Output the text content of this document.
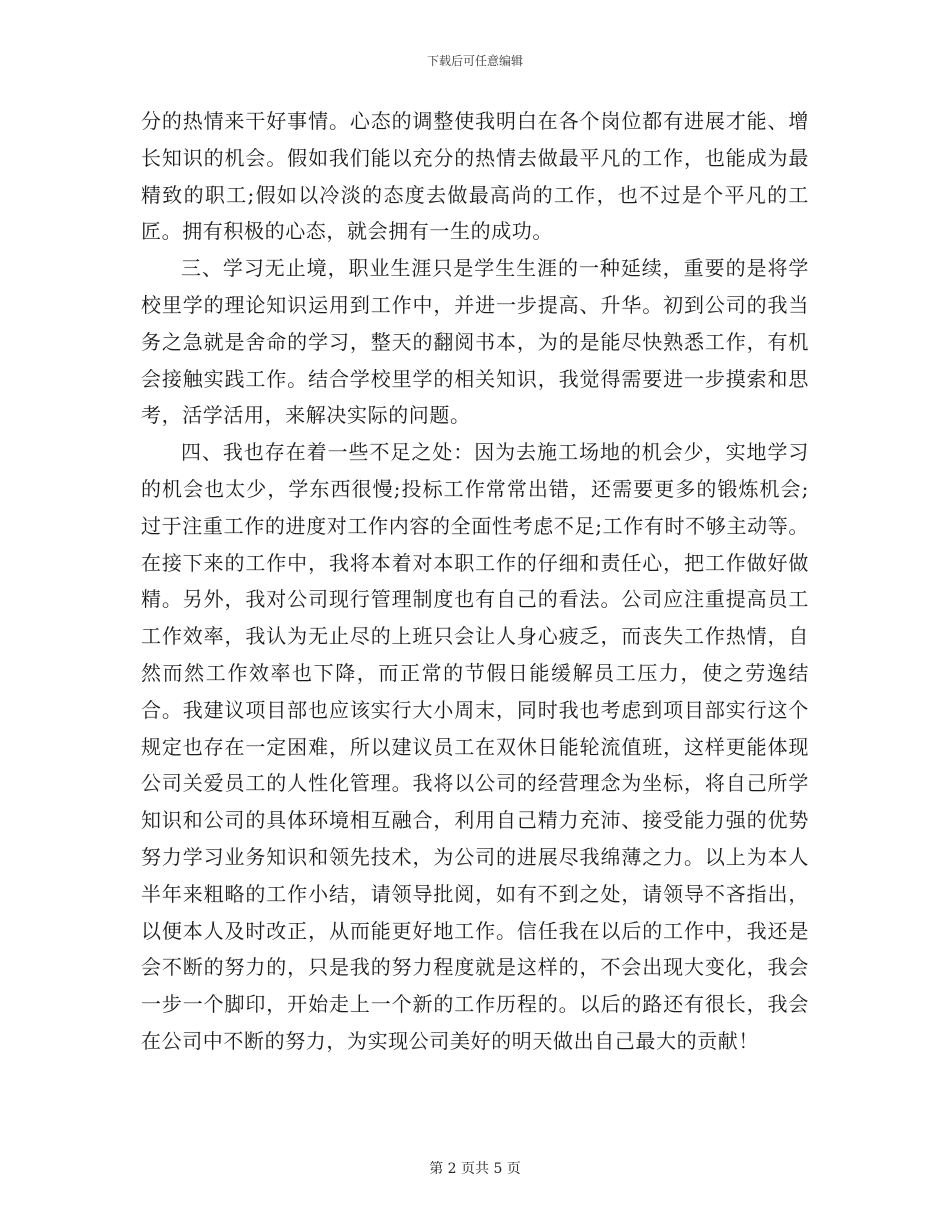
下载后可任意编辑

分的热情来干好事情。心态的调整使我明白在各个岗位都有进展才能、增长知识的机会。假如我们能以充分的热情去做最平凡的工作，也能成为最精致的职工;假如以冷淡的态度去做最高尚的工作，也不过是个平凡的工匠。拥有积极的心态，就会拥有一生的成功。

三、学习无止境，职业生涯只是学生生涯的一种延续，重要的是将学校里学的理论知识运用到工作中，并进一步提高、升华。初到公司的我当务之急就是舍命的学习，整天的翻阅书本，为的是能尽快熟悉工作，有机会接触实践工作。结合学校里学的相关知识，我觉得需要进一步摸索和思考，活学活用，来解决实际的问题。

四、我也存在着一些不足之处：因为去施工场地的机会少，实地学习的机会也太少，学东西很慢;投标工作常常出错，还需要更多的锻炼机会;过于注重工作的进度对工作内容的全面性考虑不足;工作有时不够主动等。在接下来的工作中，我将本着对本职工作的仔细和责任心，把工作做好做精。另外，我对公司现行管理制度也有自己的看法。公司应注重提高员工工作效率，我认为无止尽的上班只会让人身心疲乏，而丧失工作热情，自然而然工作效率也下降，而正常的节假日能缓解员工压力，使之劳逸结合。我建议项目部也应该实行大小周末，同时我也考虑到项目部实行这个规定也存在一定困难，所以建议员工在双休日能轮流值班，这样更能体现公司关爱员工的人性化管理。我将以公司的经营理念为坐标，将自己所学知识和公司的具体环境相互融合，利用自己精力充沛、接受能力强的优势努力学习业务知识和领先技术，为公司的进展尽我绵薄之力。以上为本人半年来粗略的工作小结，请领导批阅，如有不到之处，请领导不吝指出，以便本人及时改正，从而能更好地工作。信任我在以后的工作中，我还是会不断的努力的，只是我的努力程度就是这样的，不会出现大变化，我会一步一个脚印，开始走上一个新的工作历程的。以后的路还有很长，我会在公司中不断的努力，为实现公司美好的明天做出自己最大的贡献！

第 2 页共 5 页
